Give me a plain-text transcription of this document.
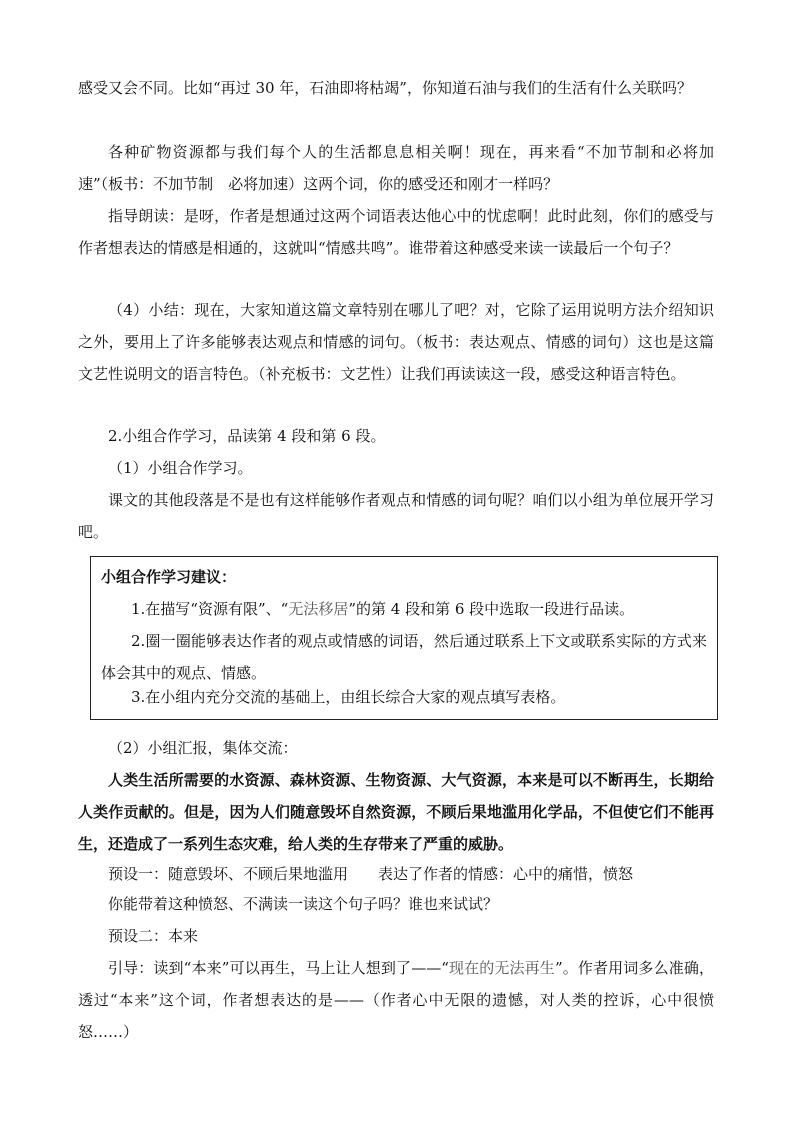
感受又会不同。比如“再过 30 年，石油即将枯竭”，你知道石油与我们的生活有什么关联吗？

各种矿物资源都与我们每个人的生活都息息相关啊！现在，再来看“不加节制和必将加速”（板书：不加节制　必将加速）这两个词，你的感受还和刚才一样吗？

指导朗读：是呀，作者是想通过这两个词语表达他心中的忧虑啊！此时此刻，你们的感受与作者想表达的情感是相通的，这就叫“情感共鸣”。谁带着这种感受来读一读最后一个句子？

（4）小结：现在，大家知道这篇文章特别在哪儿了吧？对，它除了运用说明方法介绍知识之外，要用上了许多能够表达观点和情感的词句。（板书：表达观点、情感的词句）这也是这篇文艺性说明文的语言特色。（补充板书：文艺性）让我们再读读这一段，感受这种语言特色。

2.小组合作学习，品读第 4 段和第 6 段。

（1）小组合作学习。

课文的其他段落是不是也有这样能够作者观点和情感的词句呢？咱们以小组为单位展开学习吧。

小组合作学习建议：

1.在描写“资源有限”、“无法移居”的第 4 段和第 6 段中选取一段进行品读。

2.圈一圈能够表达作者的观点或情感的词语，然后通过联系上下文或联系实际的方式来体会其中的观点、情感。

3.在小组内充分交流的基础上，由组长综合大家的观点填写表格。

（2）小组汇报，集体交流：

人类生活所需要的水资源、森林资源、生物资源、大气资源，本来是可以不断再生，长期给人类作贡献的。但是，因为人们随意毁坏自然资源，不顾后果地滥用化学品，不但使它们不能再生，还造成了一系列生态灾难，给人类的生存带来了严重的威胁。

预设一：随意毁坏、不顾后果地滥用　　表达了作者的情感：心中的痛惜，愤怒

你能带着这种愤怒、不满读一读这个句子吗？谁也来试试？

预设二：本来

引导：读到“本来”可以再生，马上让人想到了——“现在的无法再生”。作者用词多么准确，透过“本来”这个词，作者想表达的是——（作者心中无限的遗憾，对人类的控诉，心中很愤怒……）
